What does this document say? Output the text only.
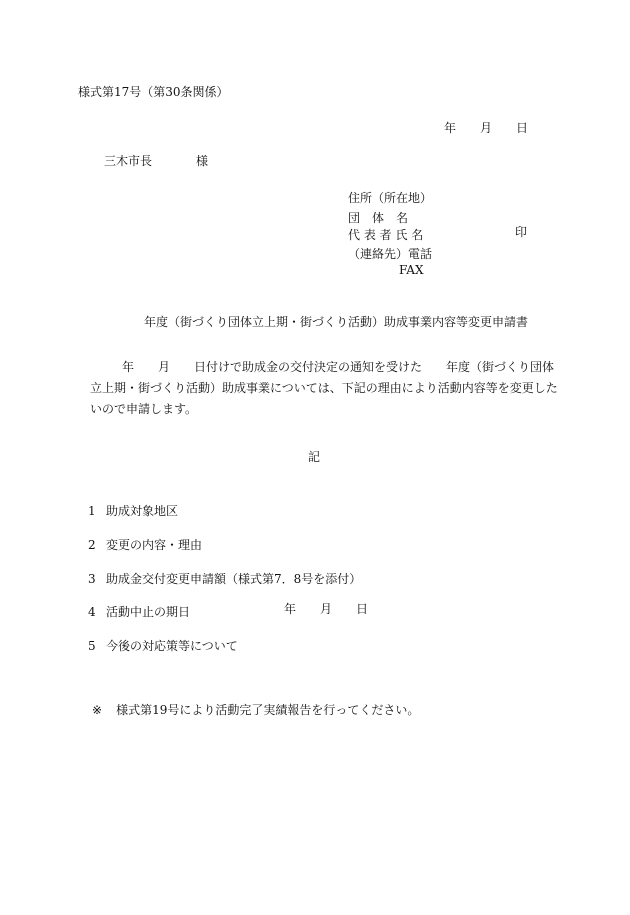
様式第17号（第30条関係）
年 月 日
三木市長	様
住所（所在地）
団　体　名
代 表 者 氏 名	印
（連絡先）電話
FAX
年度（街づくり団体立上期・街づくり活動）助成事業内容等変更申請書
　　　年　　月　　日付けで助成金の交付決定の通知を受けた　　年度（街づくり団体
立上期・街づくり活動）助成事業については、下記の理由により活動内容等を変更した
いので申請します。
記
1 助成対象地区
2 変更の内容・理由
3 助成金交付変更申請額（様式第7．8号を添付）
4 活動中止の期日	年 月 日
5 今後の対応策等について
※ 様式第19号により活動完了実績報告を行ってください。
